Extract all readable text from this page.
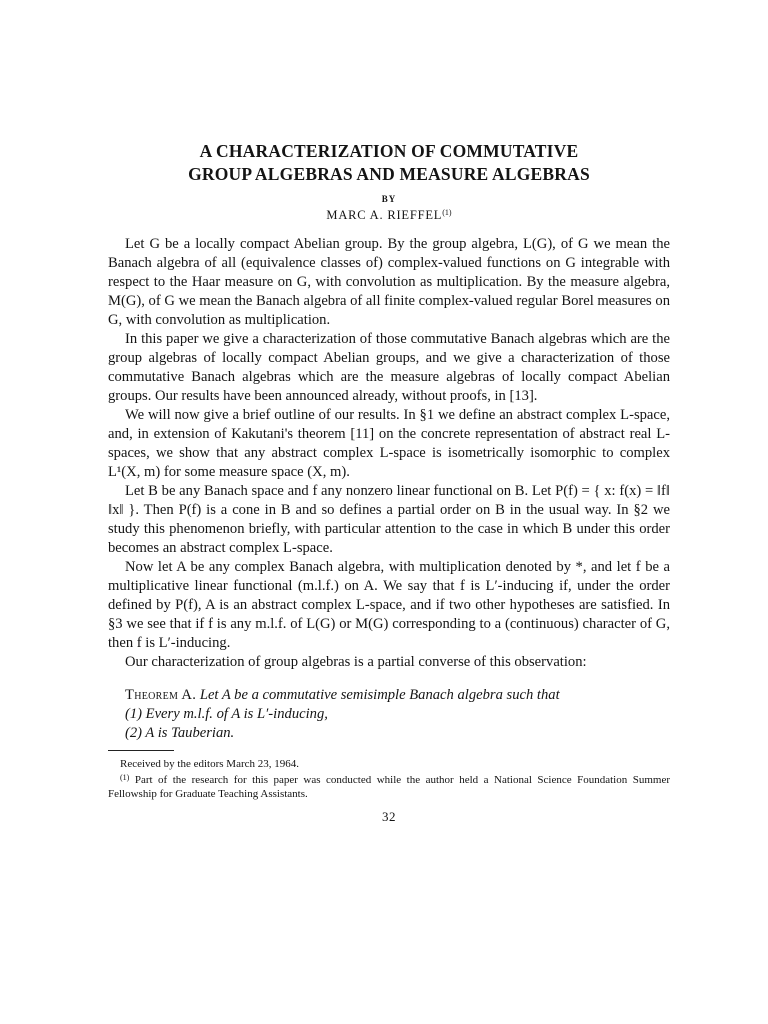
A CHARACTERIZATION OF COMMUTATIVE
GROUP ALGEBRAS AND MEASURE ALGEBRAS
BY
MARC A. RIEFFEL$^{(1)}$

Let G be a locally compact Abelian group. By the group algebra, L(G), of G we mean the Banach algebra of all (equivalence classes of) complex-valued functions on G integrable with respect to the Haar measure on G, with convolution as multiplication. By the measure algebra, M(G), of G we mean the Banach algebra of all finite complex-valued regular Borel measures on G, with convolution as multiplication.

In this paper we give a characterization of those commutative Banach algebras which are the group algebras of locally compact Abelian groups, and we give a characterization of those commutative Banach algebras which are the measure algebras of locally compact Abelian groups. Our results have been announced already, without proofs, in [13].

We will now give a brief outline of our results. In §1 we define an abstract complex L-space, and, in extension of Kakutani's theorem [11] on the concrete representation of abstract real L-spaces, we show that any abstract complex L-space is isometrically isomorphic to complex L¹(X, m) for some measure space (X, m).

Let B be any Banach space and f any nonzero linear functional on B. Let P(f) = { x: f(x) = ‖f‖ ‖x‖ }. Then P(f) is a cone in B and so defines a partial order on B in the usual way. In §2 we study this phenomenon briefly, with particular attention to the case in which B under this order becomes an abstract complex L-space.

Now let A be any complex Banach algebra, with multiplication denoted by *, and let f be a multiplicative linear functional (m.l.f.) on A. We say that f is L′-inducing if, under the order defined by P(f), A is an abstract complex L-space, and if two other hypotheses are satisfied. In §3 we see that if f is any m.l.f. of L(G) or M(G) corresponding to a (continuous) character of G, then f is L′-inducing.

Our characterization of group algebras is a partial converse of this observation:

Theorem A. Let A be a commutative semisimple Banach algebra such that
(1) Every m.l.f. of A is L′-inducing,
(2) A is Tauberian.

Received by the editors March 23, 1964.

$^{(1)}$ Part of the research for this paper was conducted while the author held a National Science Foundation Summer Fellowship for Graduate Teaching Assistants.

32
